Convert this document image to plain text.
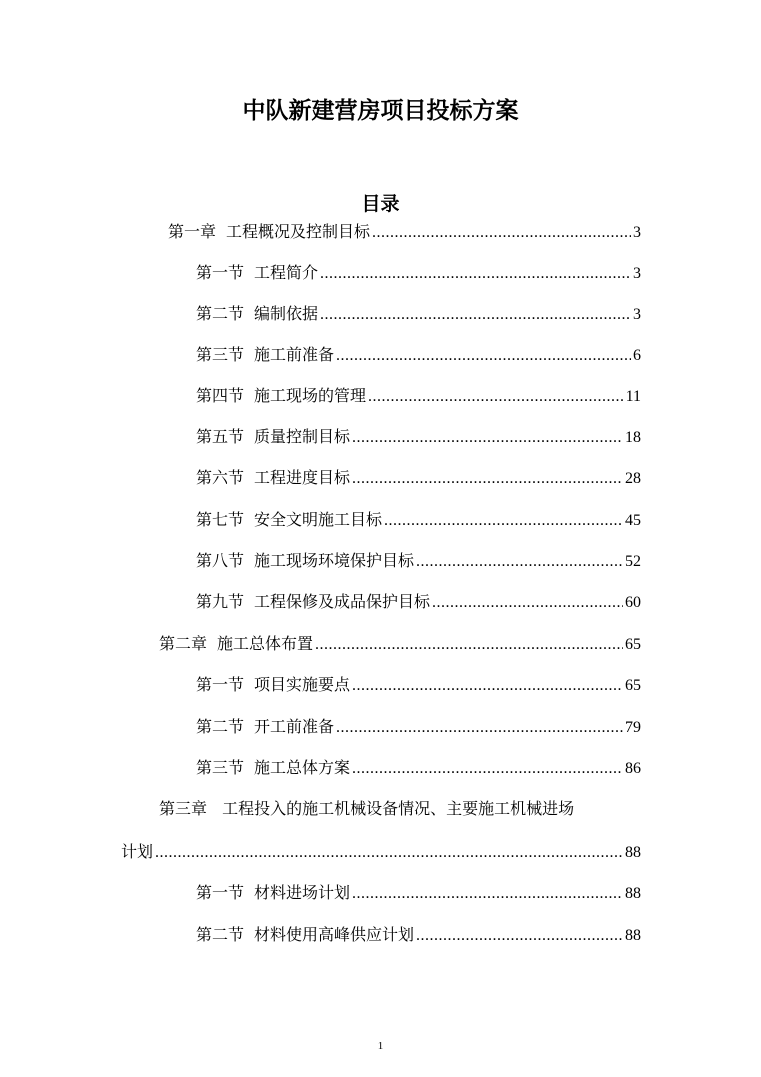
中队新建营房项目投标方案
目录
第一章 工程概况及控制目标 .....	3
第一节 工程简介 .....	3
第二节 编制依据 .....	3
第三节 施工前准备 .....	6
第四节 施工现场的管理 .....	11
第五节 质量控制目标 .....	18
第六节 工程进度目标 .....	28
第七节 安全文明施工目标 .....	45
第八节 施工现场环境保护目标 .....	52
第九节 工程保修及成品保护目标 .....	60
第二章 施工总体布置 .....	65
第一节 项目实施要点 .....	65
第二节 开工前准备 .....	79
第三节 施工总体方案 .....	86
第三章 工程投入的施工机械设备情况、主要施工机械进场
计划 .....	88
第一节 材料进场计划 .....	88
第二节 材料使用高峰供应计划 .....	88
1
